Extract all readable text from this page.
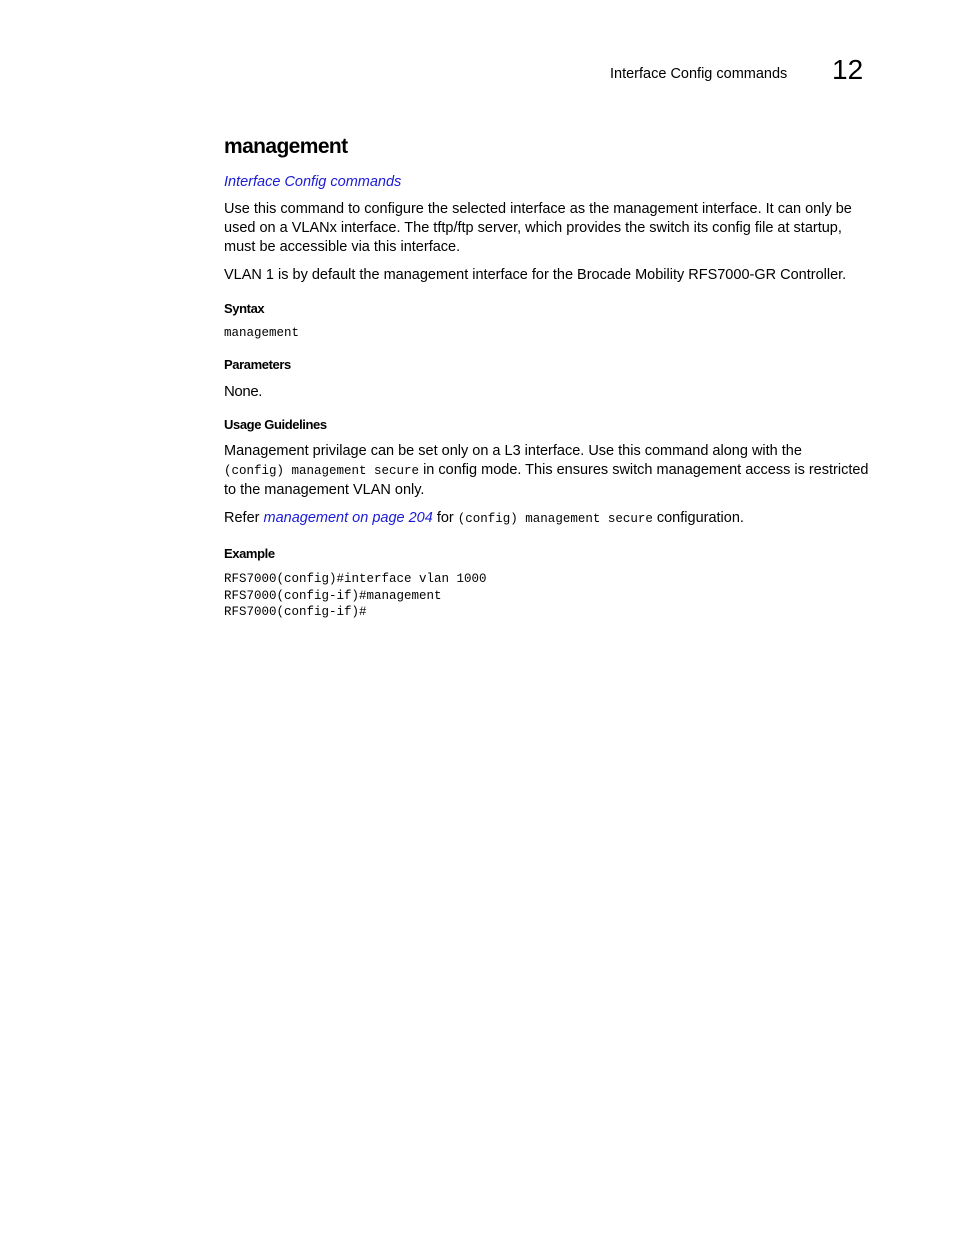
Interface Config commands 12
management
Interface Config commands

Use this command to configure the selected interface as the management interface. It can only be used on a VLANx interface. The tftp/ftp server, which provides the switch its config file at startup, must be accessible via this interface.

VLAN 1 is by default the management interface for the Brocade Mobility RFS7000-GR Controller.

Syntax
management
Parameters

None.

Usage Guidelines

Management privilage can be set only on a L3 interface. Use this command along with the
(config) management secure in config mode. This ensures switch management access is restricted to the management VLAN only.

Refer management on page 204 for (config) management secure configuration.

Example
RFS7000(config)#interface vlan 1000
RFS7000(config-if)#management
RFS7000(config-if)#
